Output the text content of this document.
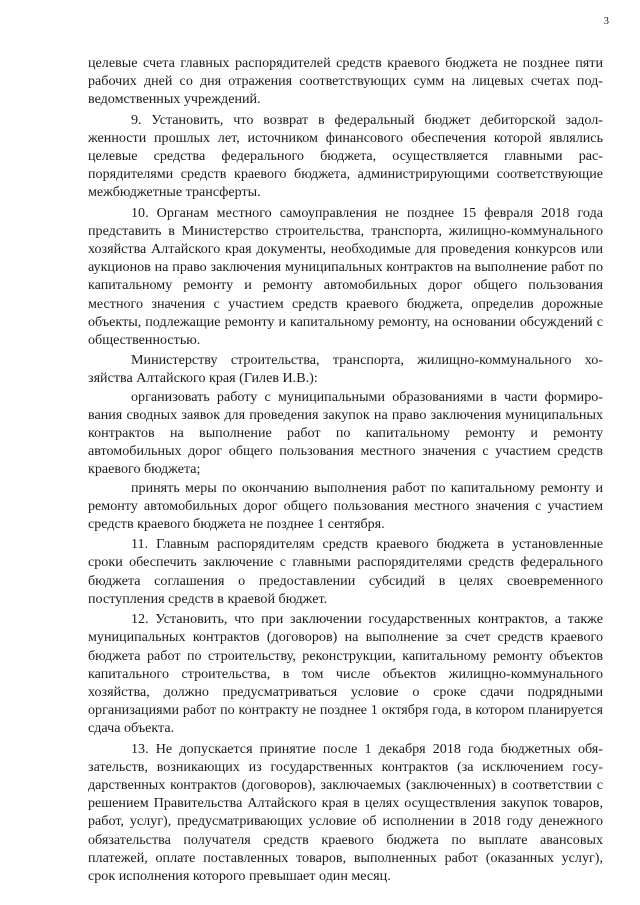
3

целевые счета главных распорядителей средств краевого бюджета не позднее пяти рабочих дней со дня отражения соответствующих сумм на лицевых счетах подведомственных учреждений.

9. Установить, что возврат в федеральный бюджет дебиторской задолженности прошлых лет, источником финансового обеспечения которой являлись целевые средства федерального бюджета, осуществляется главными распорядителями средств краевого бюджета, администрирующими соответствующие межбюджетные трансферты.

10. Органам местного самоуправления не позднее 15 февраля 2018 года представить в Министерство строительства, транспорта, жилищно-коммунального хозяйства Алтайского края документы, необходимые для проведения конкурсов или аукционов на право заключения муниципальных контрактов на выполнение работ по капитальному ремонту и ремонту автомобильных дорог общего пользования местного значения с участием средств краевого бюджета, определив дорожные объекты, подлежащие ремонту и капитальному ремонту, на основании обсуждений с общественностью.

Министерству строительства, транспорта, жилищно-коммунального хозяйства Алтайского края (Гилев И.В.):

организовать работу с муниципальными образованиями в части формирования сводных заявок для проведения закупок на право заключения муниципальных контрактов на выполнение работ по капитальному ремонту и ремонту автомобильных дорог общего пользования местного значения с участием средств краевого бюджета;

принять меры по окончанию выполнения работ по капитальному ремонту и ремонту автомобильных дорог общего пользования местного значения с участием средств краевого бюджета не позднее 1 сентября.

11. Главным распорядителям средств краевого бюджета в установленные сроки обеспечить заключение с главными распорядителями средств федерального бюджета соглашения о предоставлении субсидий в целях своевременного поступления средств в краевой бюджет.

12. Установить, что при заключении государственных контрактов, а также муниципальных контрактов (договоров) на выполнение за счет средств краевого бюджета работ по строительству, реконструкции, капитальному ремонту объектов капитального строительства, в том числе объектов жилищно-коммунального хозяйства, должно предусматриваться условие о сроке сдачи подрядными организациями работ по контракту не позднее 1 октября года, в котором планируется сдача объекта.

13. Не допускается принятие после 1 декабря 2018 года бюджетных обязательств, возникающих из государственных контрактов (за исключением государственных контрактов (договоров), заключаемых (заключенных) в соответствии с решением Правительства Алтайского края в целях осуществления закупок товаров, работ, услуг), предусматривающих условие об исполнении в 2018 году денежного обязательства получателя средств краевого бюджета по выплате авансовых платежей, оплате поставленных товаров, выполненных работ (оказанных услуг), срок исполнения которого превышает один месяц.
